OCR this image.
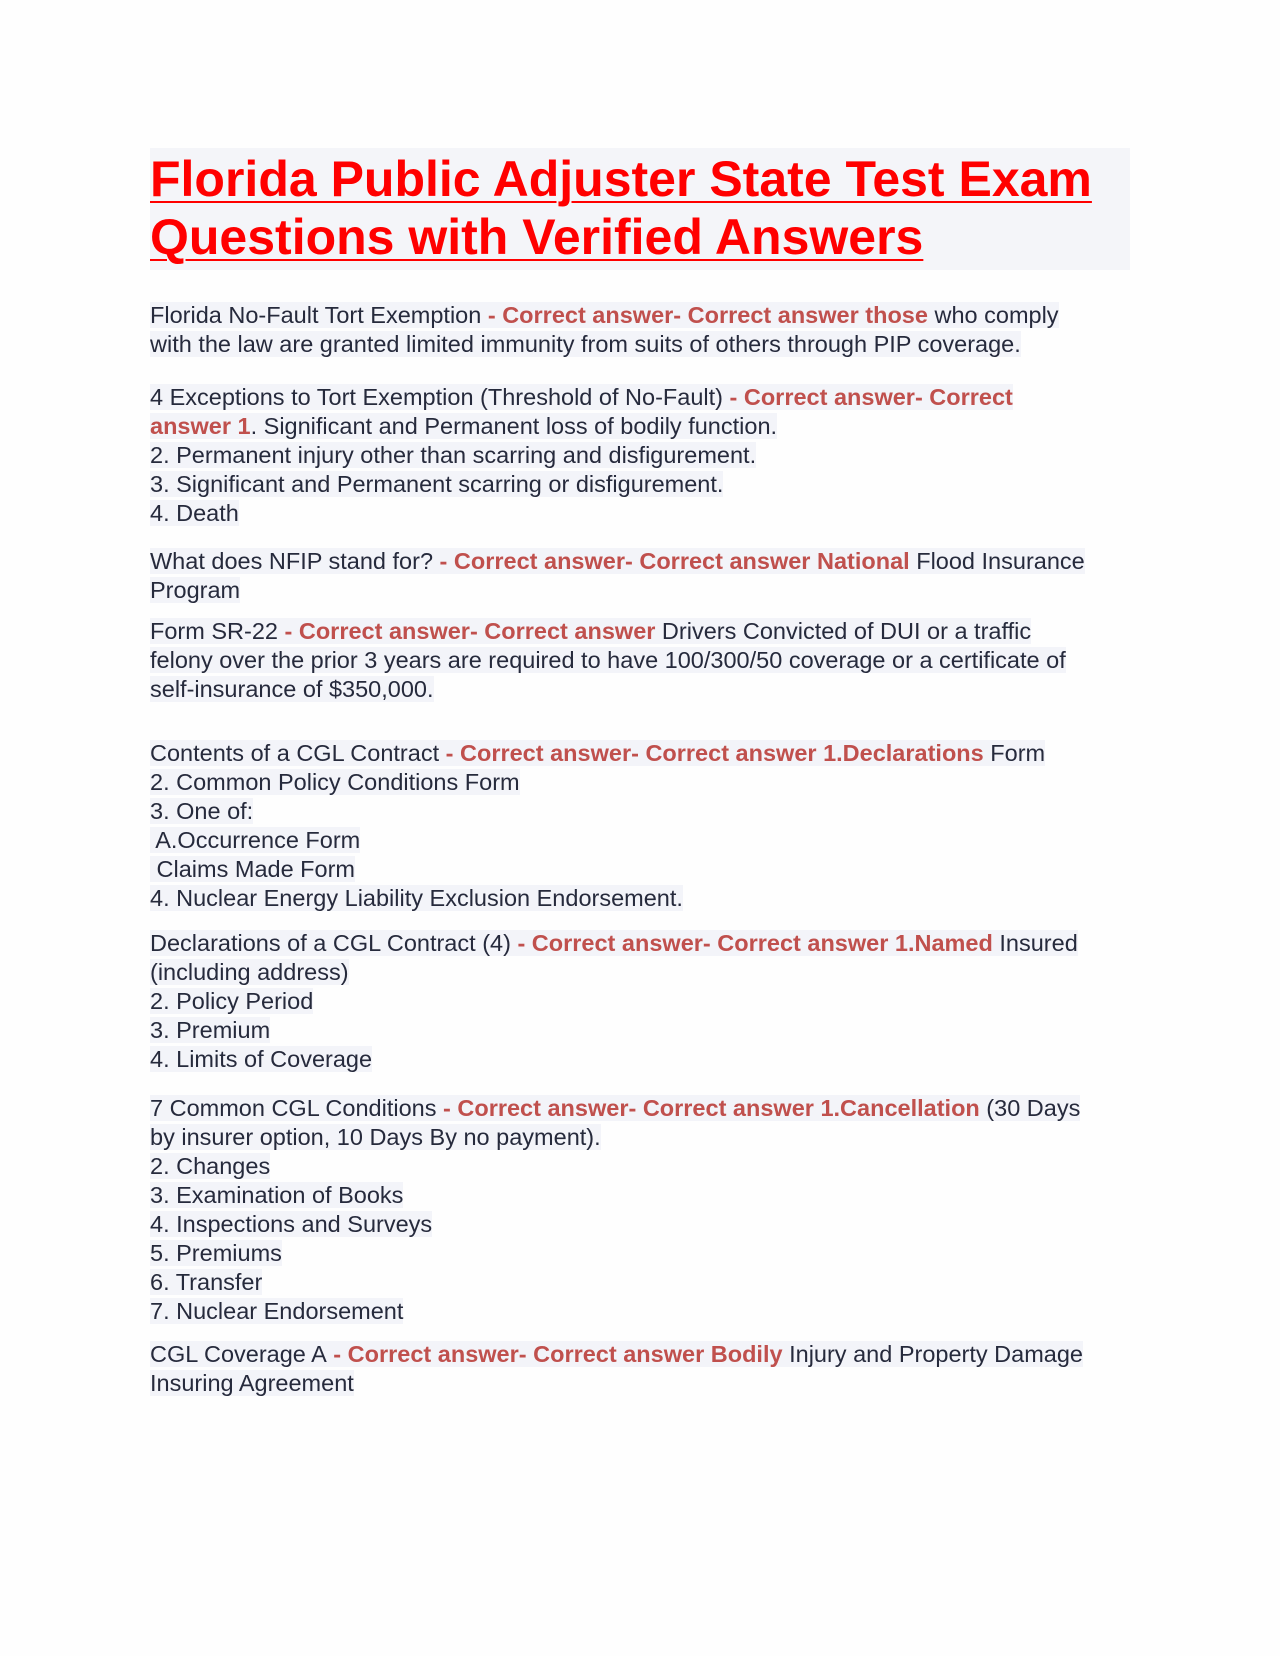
Florida Public Adjuster State Test Exam Questions with Verified Answers
Florida No-Fault Tort Exemption - Correct answer- Correct answer those who comply with the law are granted limited immunity from suits of others through PIP coverage.
4 Exceptions to Tort Exemption (Threshold of No-Fault) - Correct answer- Correct answer 1. Significant and Permanent loss of bodily function.
2. Permanent injury other than scarring and disfigurement.
3. Significant and Permanent scarring or disfigurement.
4. Death
What does NFIP stand for? - Correct answer- Correct answer National Flood Insurance Program
Form SR-22 - Correct answer- Correct answer Drivers Convicted of DUI or a traffic felony over the prior 3 years are required to have 100/300/50 coverage or a certificate of self-insurance of $350,000.
Contents of a CGL Contract - Correct answer- Correct answer 1.Declarations Form
2. Common Policy Conditions Form
3. One of:
A.Occurrence Form
Claims Made Form
4. Nuclear Energy Liability Exclusion Endorsement.
Declarations of a CGL Contract (4) - Correct answer- Correct answer 1.Named Insured (including address)
2. Policy Period
3. Premium
4. Limits of Coverage
7 Common CGL Conditions - Correct answer- Correct answer 1.Cancellation (30 Days by insurer option, 10 Days By no payment).
2. Changes
3. Examination of Books
4. Inspections and Surveys
5. Premiums
6. Transfer
7. Nuclear Endorsement
CGL Coverage A - Correct answer- Correct answer Bodily Injury and Property Damage Insuring Agreement
